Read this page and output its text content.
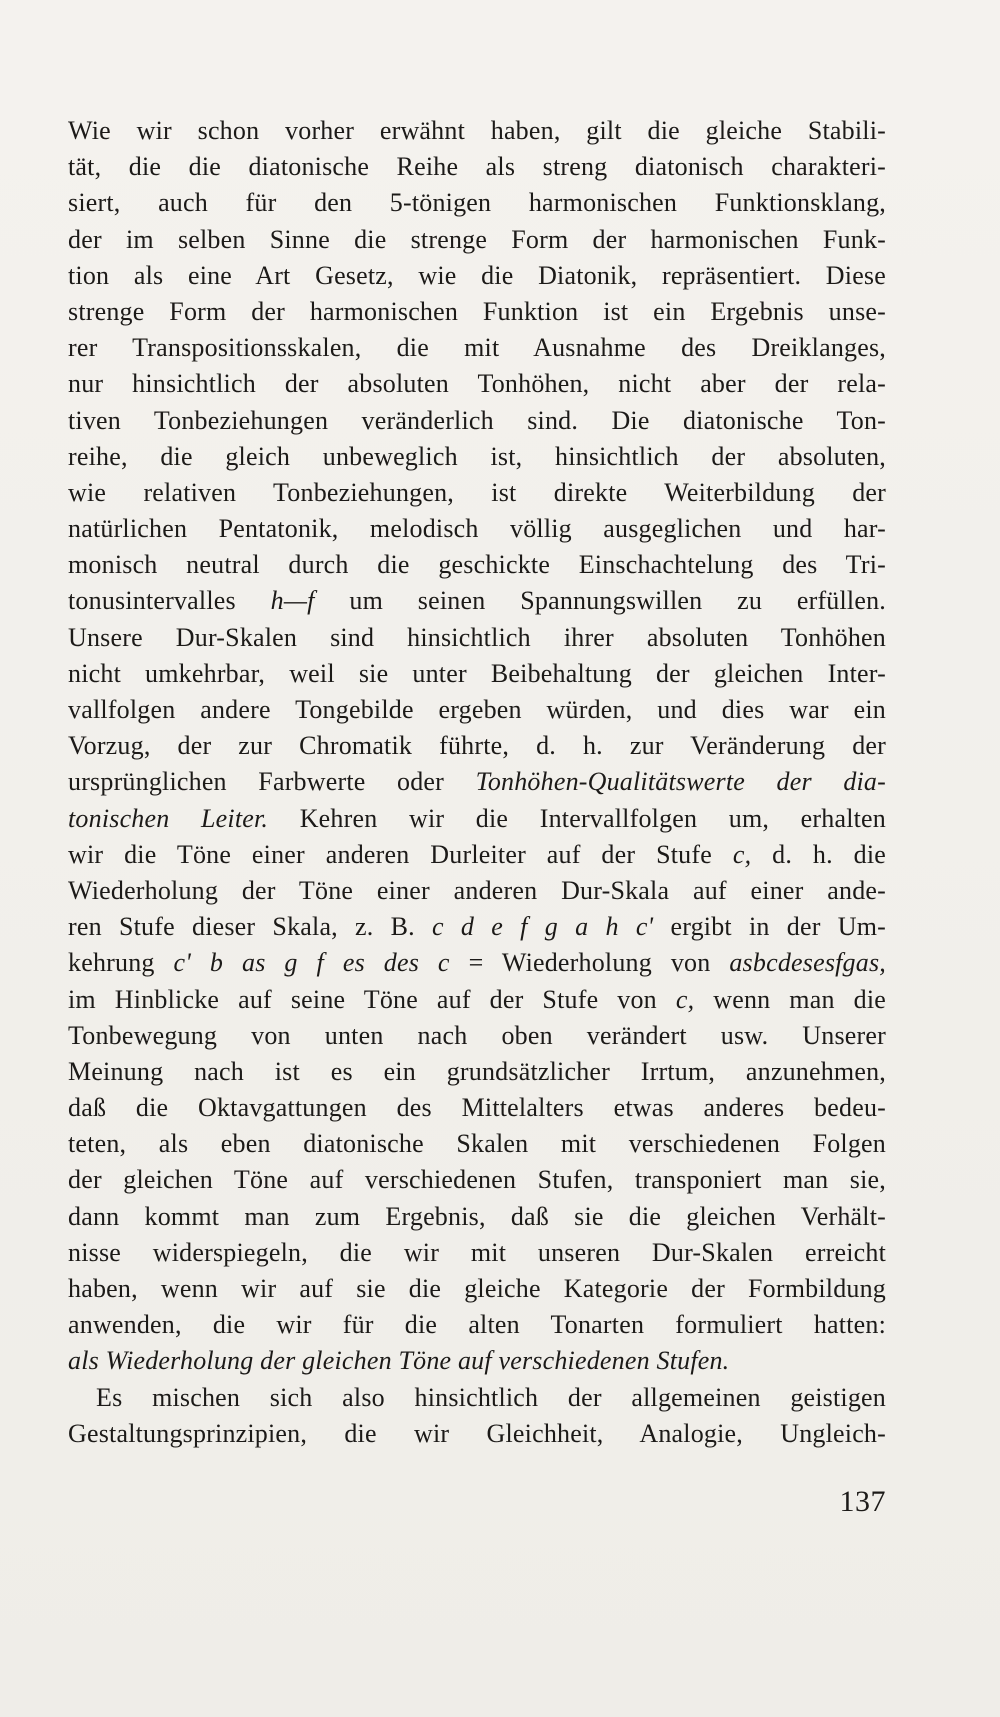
Wie wir schon vorher erwähnt haben, gilt die gleiche Stabili-
tät, die die diatonische Reihe als streng diatonisch charakteri-
siert, auch für den 5-tönigen harmonischen Funktionsklang,
der im selben Sinne die strenge Form der harmonischen Funk-
tion als eine Art Gesetz, wie die Diatonik, repräsentiert. Diese
strenge Form der harmonischen Funktion ist ein Ergebnis unse-
rer Transpositionsskalen, die mit Ausnahme des Dreiklanges,
nur hinsichtlich der absoluten Tonhöhen, nicht aber der rela-
tiven Tonbeziehungen veränderlich sind. Die diatonische Ton-
reihe, die gleich unbeweglich ist, hinsichtlich der absoluten,
wie relativen Tonbeziehungen, ist direkte Weiterbildung der
natürlichen Pentatonik, melodisch völlig ausgeglichen und har-
monisch neutral durch die geschickte Einschachtelung des Tri-
tonusintervalles h—f um seinen Spannungswillen zu erfüllen.
Unsere Dur-Skalen sind hinsichtlich ihrer absoluten Tonhöhen
nicht umkehrbar, weil sie unter Beibehaltung der gleichen Inter-
vallfolgen andere Tongebilde ergeben würden, und dies war ein
Vorzug, der zur Chromatik führte, d. h. zur Veränderung der
ursprünglichen Farbwerte oder Tonhöhen-Qualitätswerte der dia-
tonischen Leiter. Kehren wir die Intervallfolgen um, erhalten
wir die Töne einer anderen Durleiter auf der Stufe c, d. h. die
Wiederholung der Töne einer anderen Dur-Skala auf einer ande-
ren Stufe dieser Skala, z. B. c d e f g a h c' ergibt in der Um-
kehrung c' b as g f es des c = Wiederholung von asbcdesesfgas,
im Hinblicke auf seine Töne auf der Stufe von c, wenn man die
Tonbewegung von unten nach oben verändert usw. Unserer
Meinung nach ist es ein grundsätzlicher Irrtum, anzunehmen,
daß die Oktavgattungen des Mittelalters etwas anderes bedeu-
teten, als eben diatonische Skalen mit verschiedenen Folgen
der gleichen Töne auf verschiedenen Stufen, transponiert man sie,
dann kommt man zum Ergebnis, daß sie die gleichen Verhält-
nisse widerspiegeln, die wir mit unseren Dur-Skalen erreicht
haben, wenn wir auf sie die gleiche Kategorie der Formbildung
anwenden, die wir für die alten Tonarten formuliert hatten:
als Wiederholung der gleichen Töne auf verschiedenen Stufen.
Es mischen sich also hinsichtlich der allgemeinen geistigen
Gestaltungsprinzipien, die wir Gleichheit, Analogie, Ungleich-
137
